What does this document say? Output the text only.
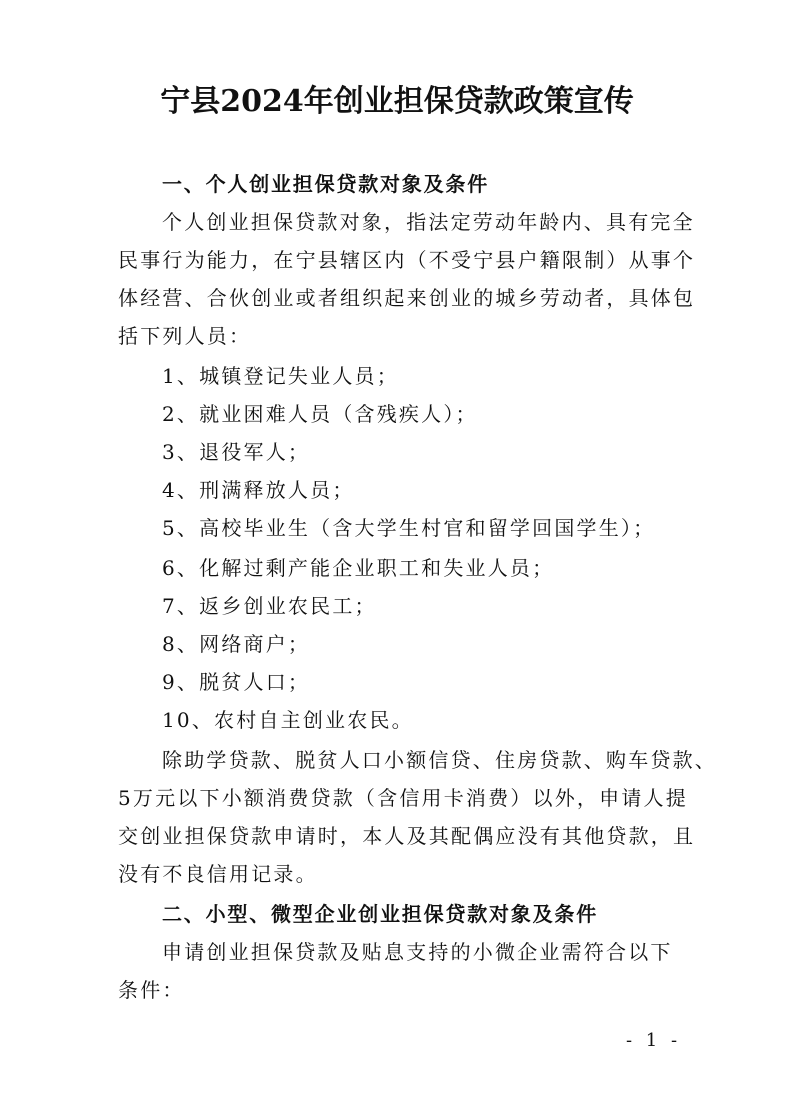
宁县2024年创业担保贷款政策宣传
一、个人创业担保贷款对象及条件
个人创业担保贷款对象，指法定劳动年龄内、具有完全
民事行为能力，在宁县辖区内（不受宁县户籍限制）从事个
体经营、合伙创业或者组织起来创业的城乡劳动者，具体包
括下列人员：
1、城镇登记失业人员；
2、就业困难人员（含残疾人）；
3、退役军人；
4、刑满释放人员；
5、高校毕业生（含大学生村官和留学回国学生）；
6、化解过剩产能企业职工和失业人员；
7、返乡创业农民工；
8、网络商户；
9、脱贫人口；
10、农村自主创业农民。
除助学贷款、脱贫人口小额信贷、住房贷款、购车贷款、
5万元以下小额消费贷款（含信用卡消费）以外，申请人提
交创业担保贷款申请时，本人及其配偶应没有其他贷款，且
没有不良信用记录。
二、小型、微型企业创业担保贷款对象及条件
申请创业担保贷款及贴息支持的小微企业需符合以下
条件：
- 1 -
